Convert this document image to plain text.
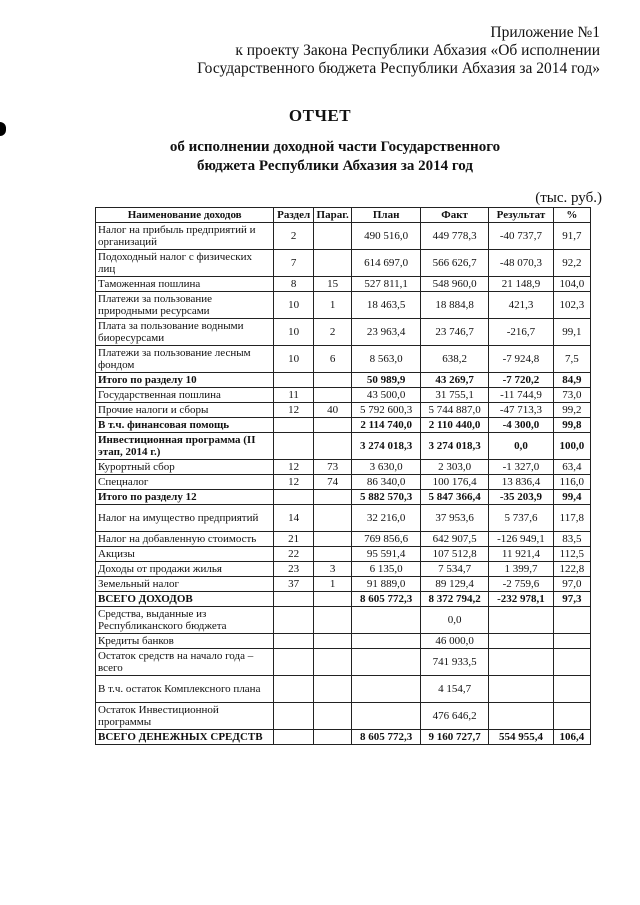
Приложение №1
к проекту Закона Республики Абхазия «Об исполнении
Государственного бюджета Республики Абхазия за 2014 год»
ОТЧЕТ
об исполнении доходной части Государственного
бюджета Республики Абхазия за 2014 год
(тыс. руб.)
Наименование доходов	Раздел	Параг.	План	Факт	Результат	%
Налог на прибыль предприятий и организаций	2		490 516,0	449 778,3	-40 737,7	91,7
Подоходный налог с физических лиц	7		614 697,0	566 626,7	-48 070,3	92,2
Таможенная пошлина	8	15	527 811,1	548 960,0	21 148,9	104,0
Платежи за пользование природными ресурсами	10	1	18 463,5	18 884,8	421,3	102,3
Плата за пользование водными биоресурсами	10	2	23 963,4	23 746,7	-216,7	99,1
Платежи за пользование лесным фондом	10	6	8 563,0	638,2	-7 924,8	7,5
Итого по разделу 10			50 989,9	43 269,7	-7 720,2	84,9
Государственная пошлина	11		43 500,0	31 755,1	-11 744,9	73,0
Прочие налоги и сборы	12	40	5 792 600,3	5 744 887,0	-47 713,3	99,2
В т.ч. финансовая помощь			2 114 740,0	2 110 440,0	-4 300,0	99,8
Инвестиционная программа (II этап, 2014 г.)			3 274 018,3	3 274 018,3	0,0	100,0
Курортный сбор	12	73	3 630,0	2 303,0	-1 327,0	63,4
Спецналог	12	74	86 340,0	100 176,4	13 836,4	116,0
Итого по разделу 12			5 882 570,3	5 847 366,4	-35 203,9	99,4
Налог на имущество предприятий	14		32 216,0	37 953,6	5 737,6	117,8
Налог на добавленную стоимость	21		769 856,6	642 907,5	-126 949,1	83,5
Акцизы	22		95 591,4	107 512,8	11 921,4	112,5
Доходы от продажи жилья	23	3	6 135,0	7 534,7	1 399,7	122,8
Земельный налог	37	1	91 889,0	89 129,4	-2 759,6	97,0
ВСЕГО ДОХОДОВ			8 605 772,3	8 372 794,2	-232 978,1	97,3
Средства, выданные из Республиканского бюджета				0,0		
Кредиты банков				46 000,0		
Остаток средств на начало года – всего				741 933,5		
В т.ч. остаток Комплексного плана				4 154,7		
Остаток Инвестиционной программы				476 646,2		
ВСЕГО ДЕНЕЖНЫХ СРЕДСТВ			8 605 772,3	9 160 727,7	554 955,4	106,4
